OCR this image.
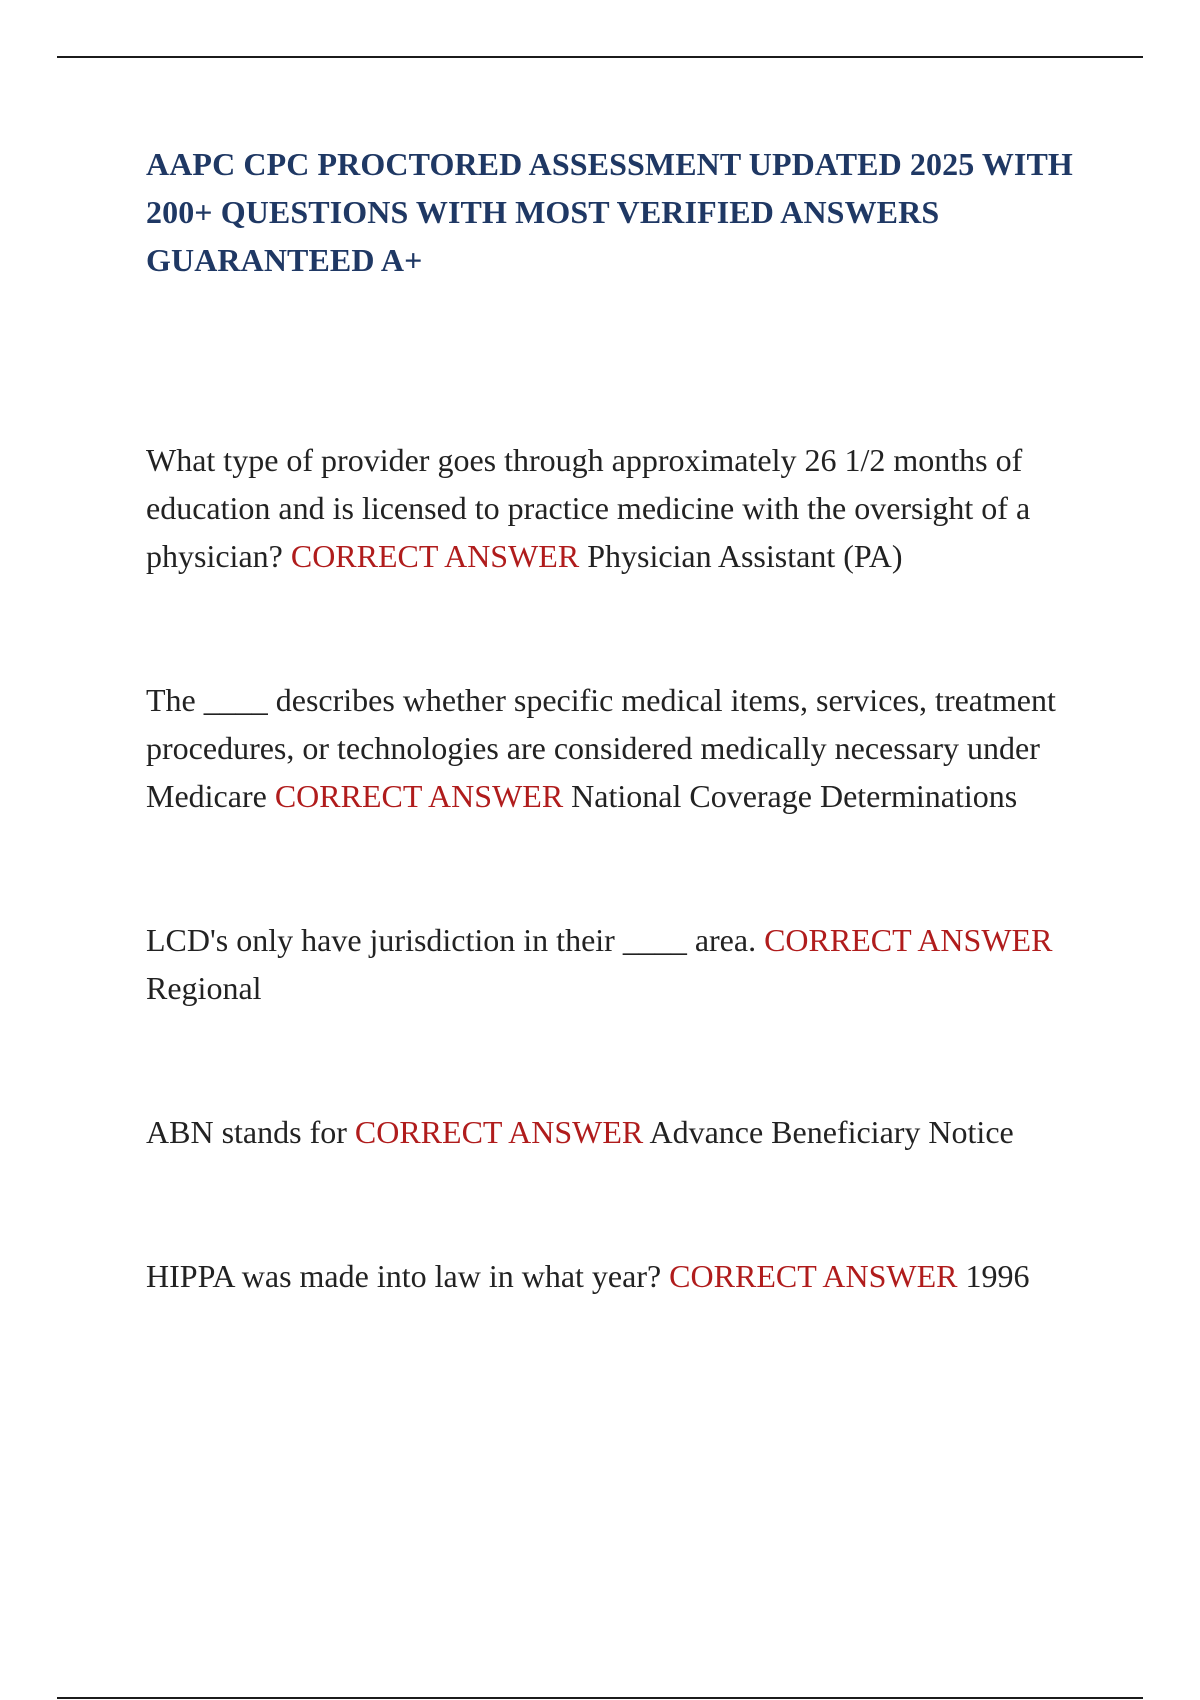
AAPC CPC PROCTORED ASSESSMENT UPDATED 2025 WITH 200+ QUESTIONS WITH MOST VERIFIED ANSWERS GUARANTEED A+

What type of provider goes through approximately 26 1/2 months of education and is licensed to practice medicine with the oversight of a physician? CORRECT ANSWER Physician Assistant (PA)

The ____ describes whether specific medical items, services, treatment procedures, or technologies are considered medically necessary under Medicare CORRECT ANSWER National Coverage Determinations

LCD's only have jurisdiction in their ____ area. CORRECT ANSWER Regional

ABN stands for CORRECT ANSWER Advance Beneficiary Notice

HIPPA was made into law in what year? CORRECT ANSWER 1996
